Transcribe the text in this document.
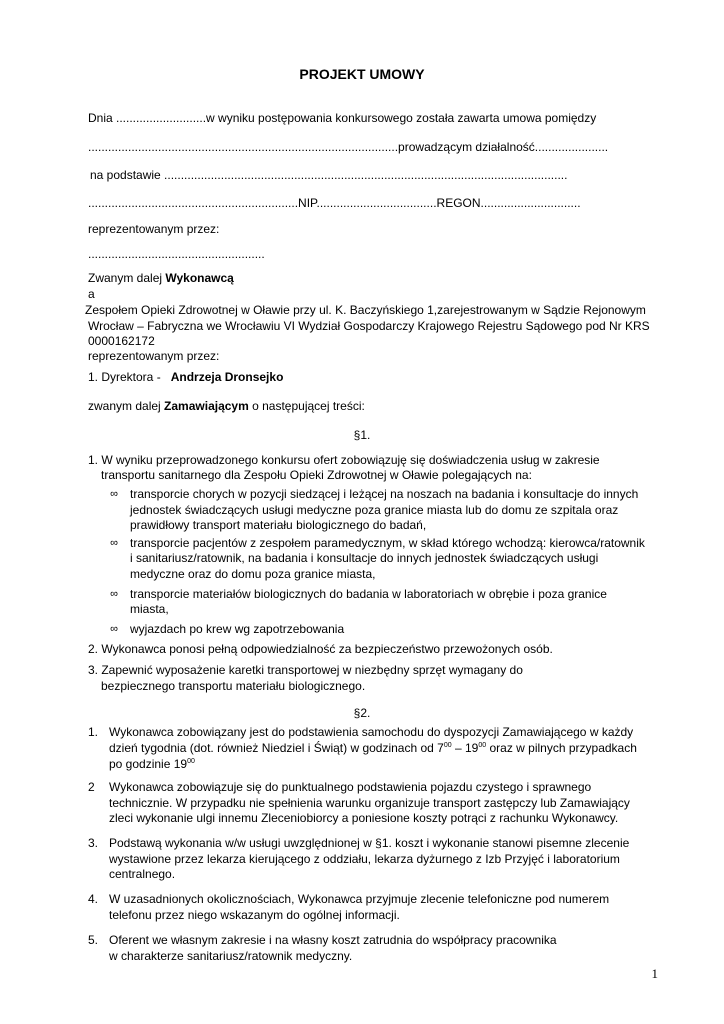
PROJEKT UMOWY
Dnia ...........................w wyniku postępowania konkursowego została zawarta umowa pomiędzy
.............................................................................................prowadzącym działalność......................
na podstawie .........................................................................................................................
...............................................................NIP....................................REGON..............................
reprezentowanym przez:
.....................................................
Zwanym dalej Wykonawcą
a
Zespołem Opieki Zdrowotnej w Oławie przy ul. K. Baczyńskiego 1,zarejestrowanym w Sądzie Rejonowym
Wrocław – Fabryczna we Wrocławiu VI Wydział Gospodarczy Krajowego Rejestru Sądowego pod Nr KRS
0000162172
reprezentowanym przez:
1. Dyrektora - Andrzeja Dronsejko
zwanym dalej Zamawiającym o następującej treści:
§1.
1. W wyniku przeprowadzonego konkursu ofert zobowiązuję się doświadczenia usług w zakresie
transportu sanitarnego dla Zespołu Opieki Zdrowotnej w Oławie polegających na:
∞ transporcie chorych w pozycji siedzącej i leżącej na noszach na badania i konsultacje do innych
jednostek świadczących usługi medyczne poza granice miasta lub do domu ze szpitala oraz
prawidłowy transport materiału biologicznego do badań,
∞ transporcie pacjentów z zespołem paramedycznym, w skład którego wchodzą: kierowca/ratownik
i sanitariusz/ratownik, na badania i konsultacje do innych jednostek świadczących usługi
medyczne oraz do domu poza granice miasta,
∞ transporcie materiałów biologicznych do badania w laboratoriach w obrębie i poza granice
miasta,
∞ wyjazdach po krew wg zapotrzebowania
2. Wykonawca ponosi pełną odpowiedzialność za bezpieczeństwo przewożonych osób.
3. Zapewnić wyposażenie karetki transportowej w niezbędny sprzęt wymagany do
bezpiecznego transportu materiału biologicznego.
§2.
1. Wykonawca zobowiązany jest do podstawienia samochodu do dyspozycji Zamawiającego w każdy
dzień tygodnia (dot. również Niedziel i Świąt) w godzinach od $7^{00} - 19^{00}$ oraz w pilnych przypadkach
po godzinie $19^{00}$
2 Wykonawca zobowiązuje się do punktualnego podstawienia pojazdu czystego i sprawnego
technicznie. W przypadku nie spełnienia warunku organizuje transport zastępczy lub Zamawiający
zleci wykonanie ulgi innemu Zleceniobiorcy a poniesione koszty potrąci z rachunku Wykonawcy.
3. Podstawą wykonania w/w usługi uwzględnionej w §1. koszt i wykonanie stanowi pisemne zlecenie
wystawione przez lekarza kierującego z oddziału, lekarza dyżurnego z Izb Przyjęć i laboratorium
centralnego.
4. W uzasadnionych okolicznościach, Wykonawca przyjmuje zlecenie telefoniczne pod numerem
telefonu przez niego wskazanym do ogólnej informacji.
5. Oferent we własnym zakresie i na własny koszt zatrudnia do współpracy pracownika
w charakterze sanitariusz/ratownik medyczny.
1
